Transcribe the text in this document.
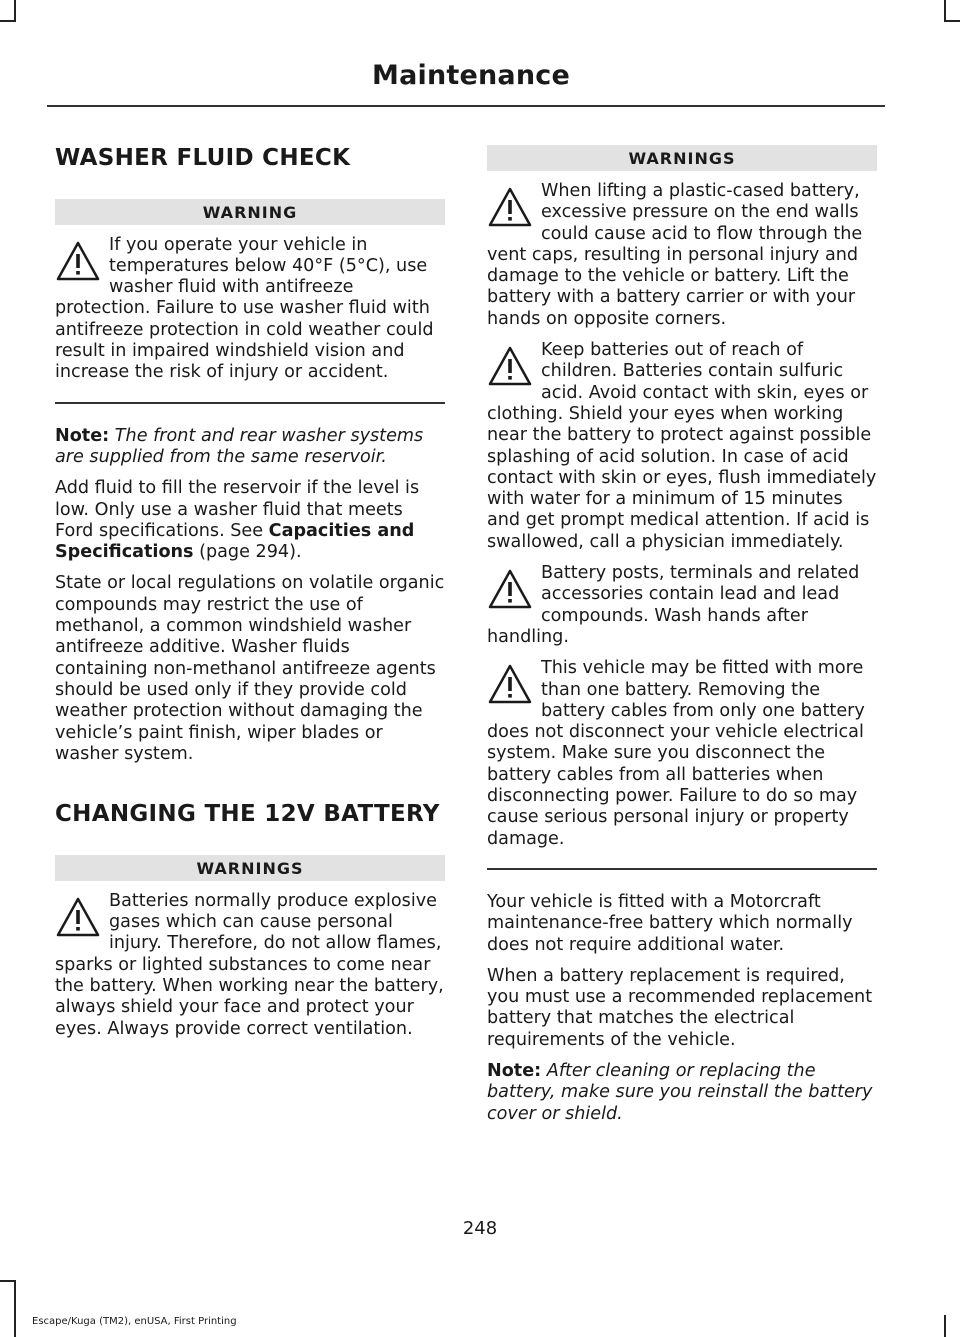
Maintenance
WASHER FLUID CHECK
WARNING
If you operate your vehicle in temperatures below 40°F (5°C), use washer fluid with antifreeze protection. Failure to use washer fluid with antifreeze protection in cold weather could result in impaired windshield vision and increase the risk of injury or accident.

Note: The front and rear washer systems are supplied from the same reservoir.

Add fluid to fill the reservoir if the level is low. Only use a washer fluid that meets Ford specifications. See Capacities and Specifications (page 294).

State or local regulations on volatile organic compounds may restrict the use of methanol, a common windshield washer antifreeze additive. Washer fluids containing non-methanol antifreeze agents should be used only if they provide cold weather protection without damaging the vehicle’s paint finish, wiper blades or washer system.

CHANGING THE 12V BATTERY
WARNINGS
Batteries normally produce explosive gases which can cause personal injury. Therefore, do not allow flames, sparks or lighted substances to come near the battery. When working near the battery, always shield your face and protect your eyes. Always provide correct ventilation.
WARNINGS
When lifting a plastic-cased battery, excessive pressure on the end walls could cause acid to flow through the vent caps, resulting in personal injury and damage to the vehicle or battery. Lift the battery with a battery carrier or with your hands on opposite corners.
Keep batteries out of reach of children. Batteries contain sulfuric acid. Avoid contact with skin, eyes or clothing. Shield your eyes when working near the battery to protect against possible splashing of acid solution. In case of acid contact with skin or eyes, flush immediately with water for a minimum of 15 minutes and get prompt medical attention. If acid is swallowed, call a physician immediately.
Battery posts, terminals and related accessories contain lead and lead compounds. Wash hands after handling.
This vehicle may be fitted with more than one battery. Removing the battery cables from only one battery does not disconnect your vehicle electrical system. Make sure you disconnect the battery cables from all batteries when disconnecting power. Failure to do so may cause serious personal injury or property damage.

Your vehicle is fitted with a Motorcraft maintenance-free battery which normally does not require additional water.

When a battery replacement is required, you must use a recommended replacement battery that matches the electrical requirements of the vehicle.

Note: After cleaning or replacing the battery, make sure you reinstall the battery cover or shield.

248
Escape/Kuga (TM2), enUSA, First Printing
